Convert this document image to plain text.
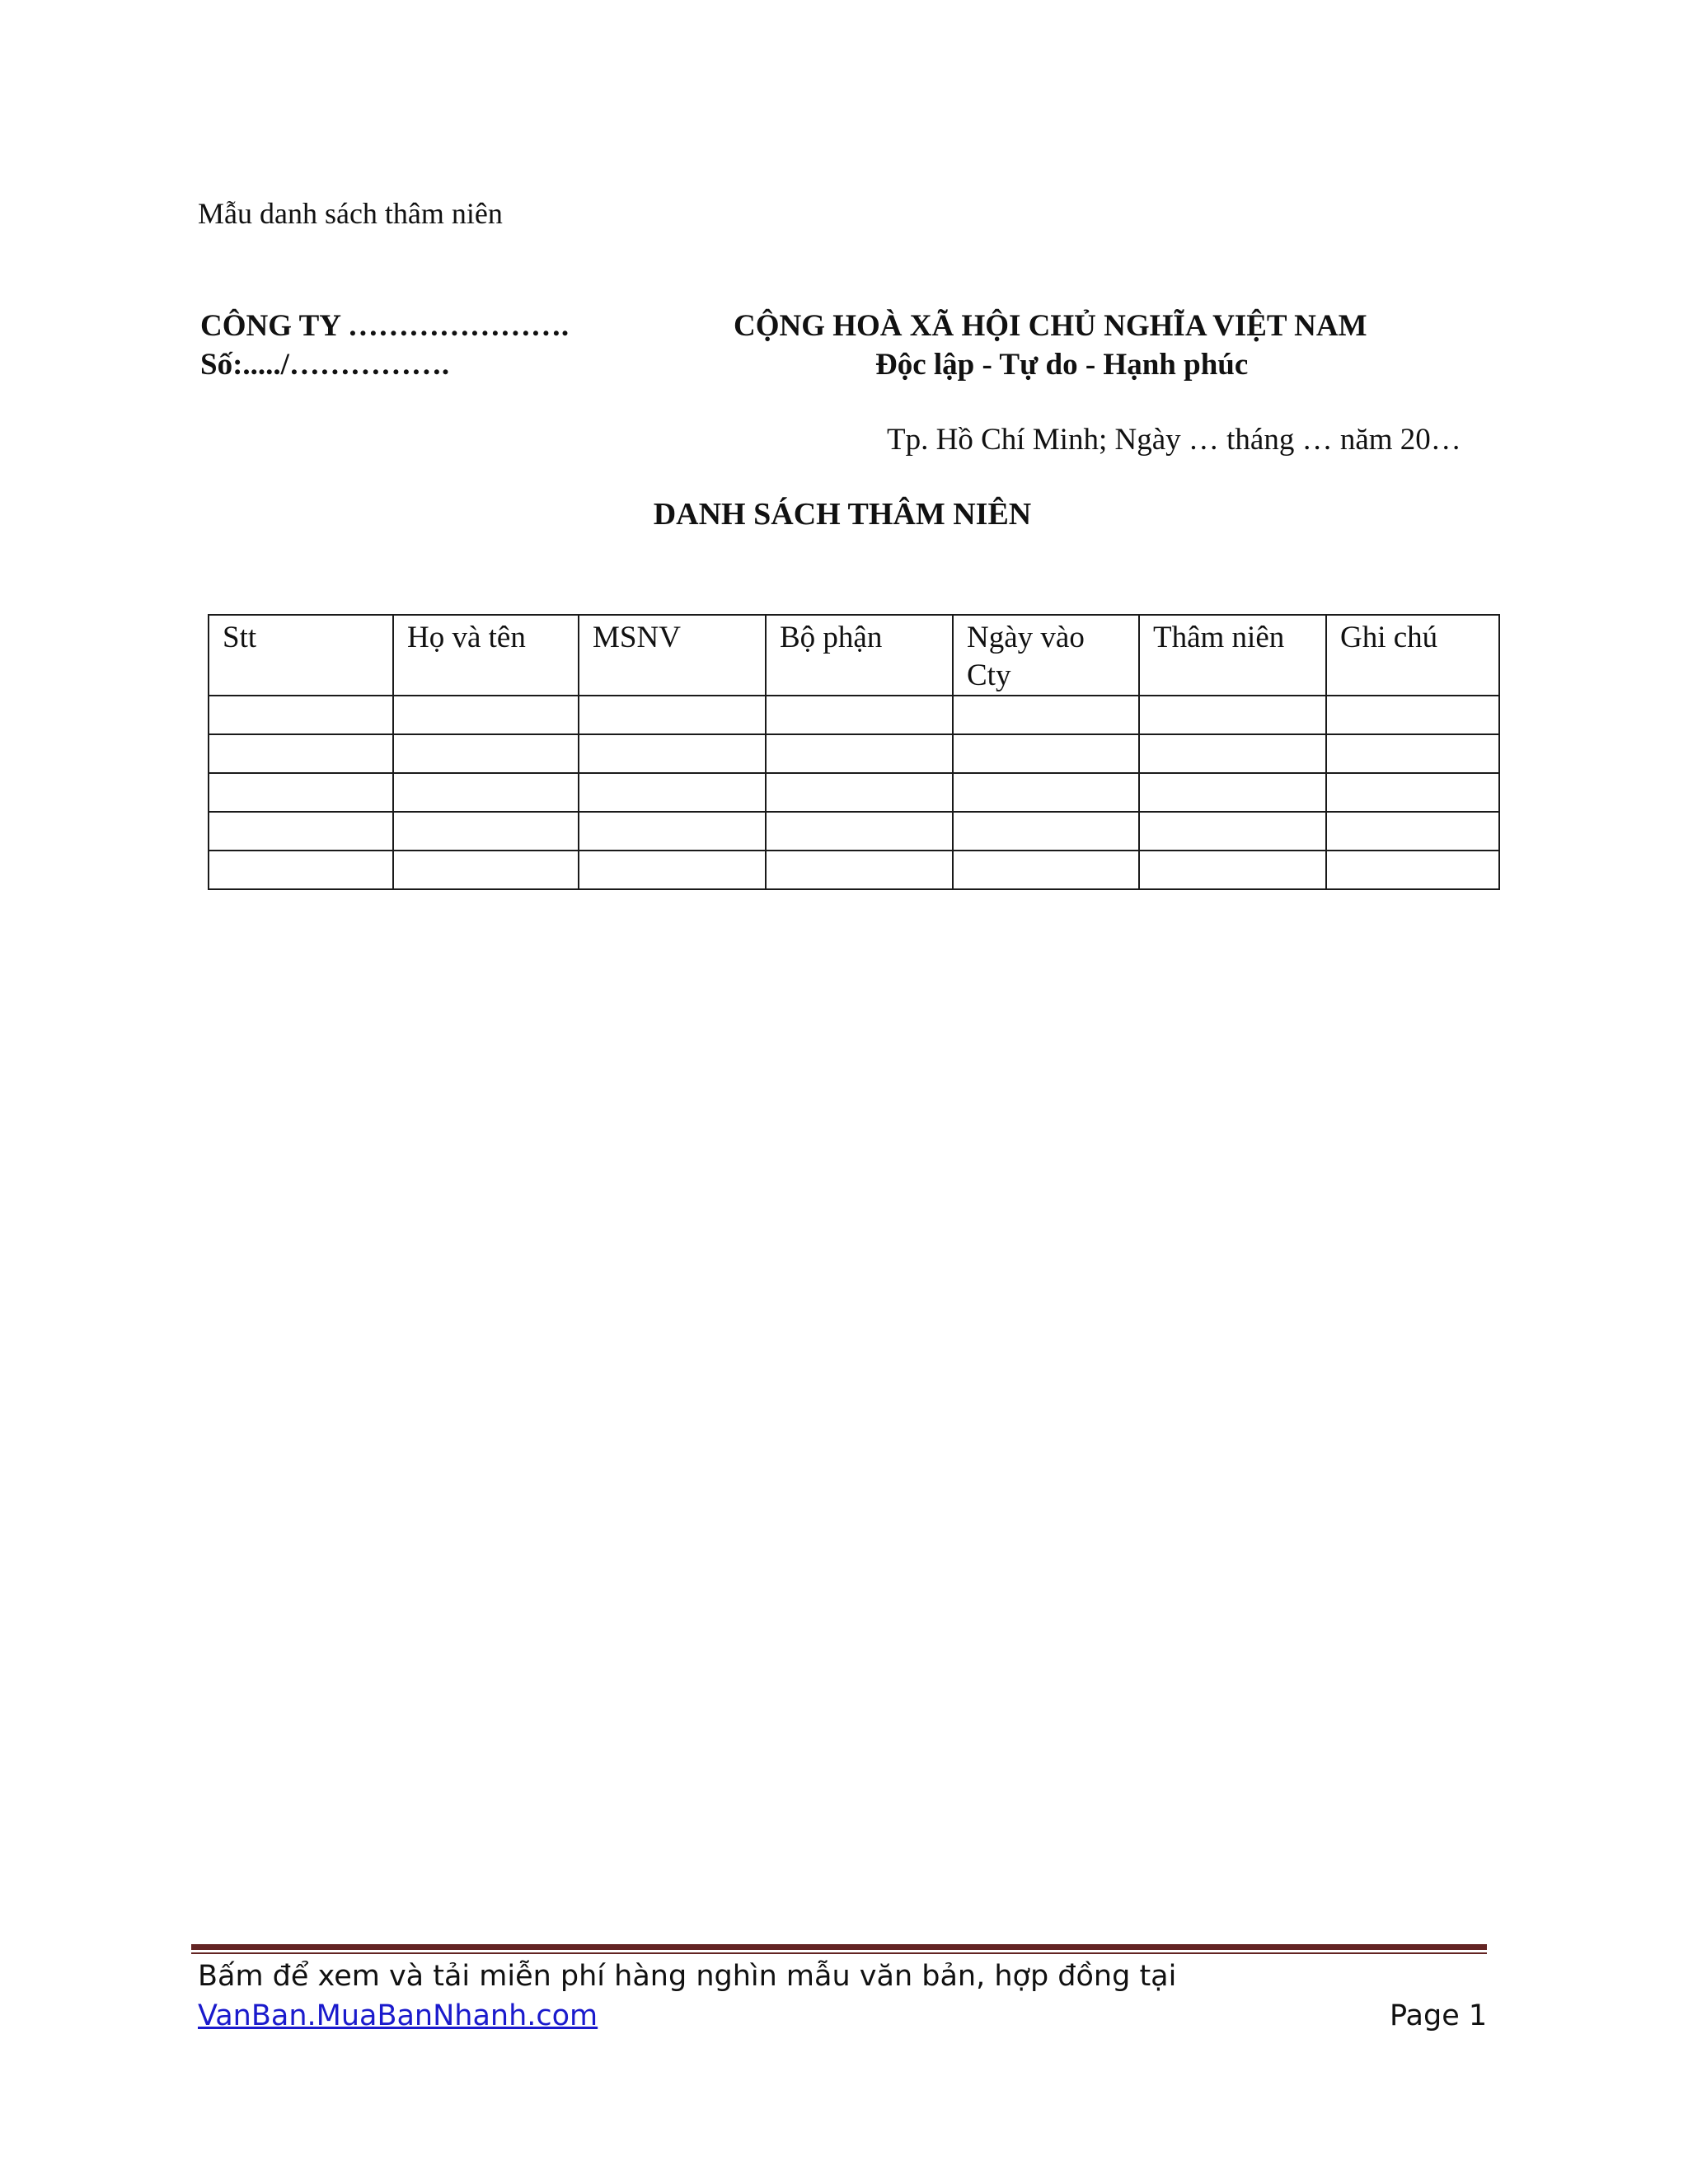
Mẫu danh sách thâm niên
CÔNG TY ………………….
Số:...../…………….
CỘNG HOÀ XÃ HỘI CHỦ NGHĨA VIỆT NAM
Độc lập - Tự do - Hạnh phúc
Tp. Hồ Chí Minh; Ngày … tháng … năm 20…
DANH SÁCH THÂM NIÊN
Stt	Họ và tên	MSNV	Bộ phận	Ngày vào Cty	Thâm niên	Ghi chú

Bấm để xem và tải miễn phí hàng nghìn mẫu văn bản, hợp đồng tại
VanBan.MuaBanNhanh.com	Page 1
